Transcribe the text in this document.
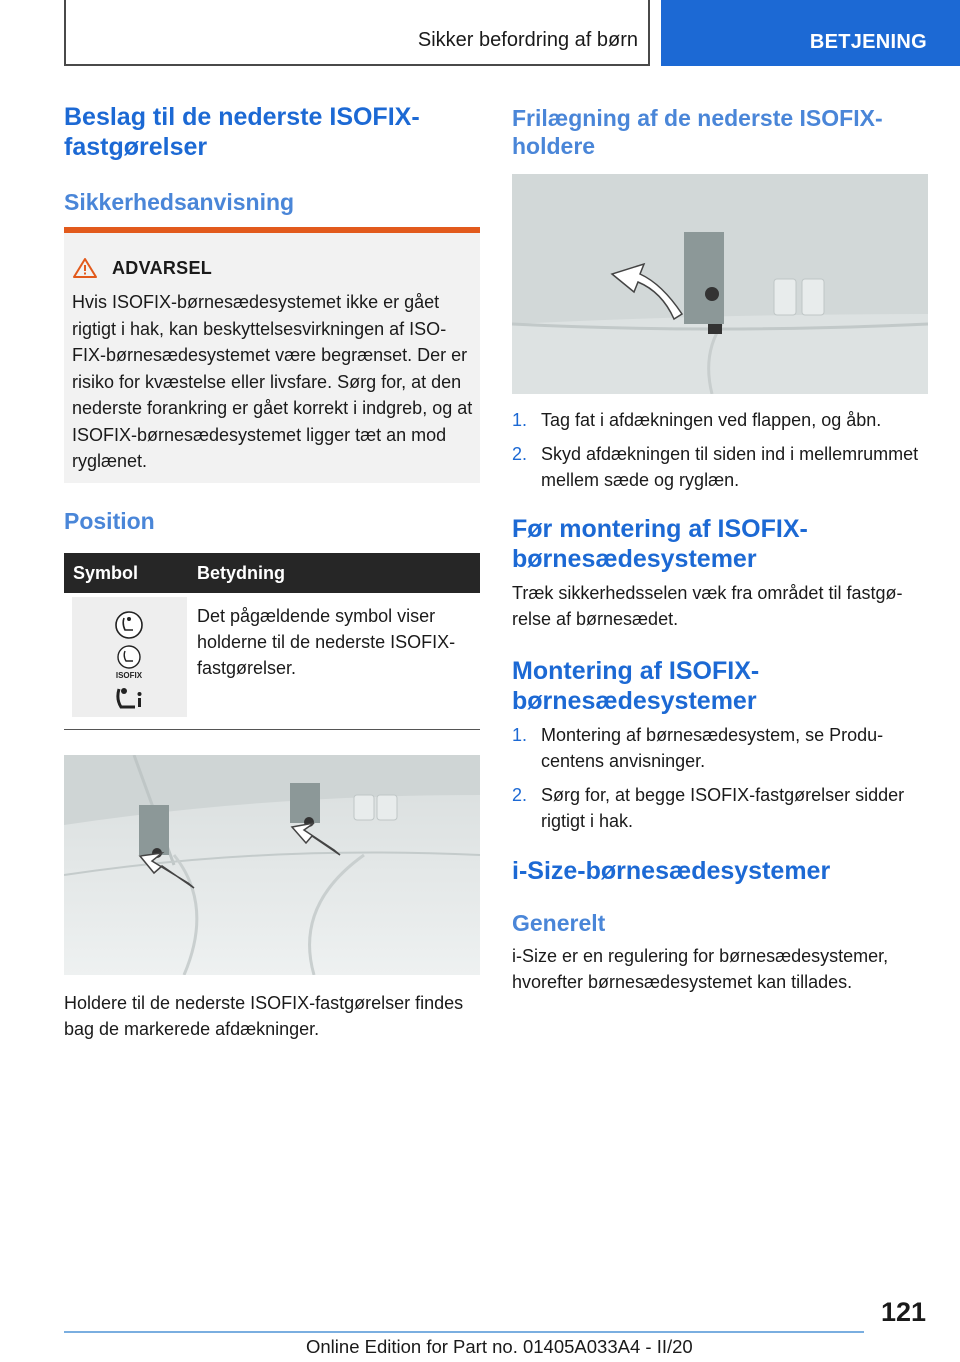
Sikker befordring af børn	BETJENING
Beslag til de nederste ISOFIX-
fastgørelser
Sikkerhedsanvisning
ADVARSEL
Hvis ISOFIX-børnesædesystemet ikke er gået rigtigt i hak, kan beskyttelsesvirkningen af ISOFIX-børnesædesystemet være begrænset. Der er risiko for kvæstelse eller livsfare. Sørg for, at den nederste forankring er gået korrekt i indgreb, og at ISOFIX-børnesædesystemet ligger tæt an mod ryglænet.
Position
Symbol	Betydning
ISOFIX

Det pågældende symbol viser holderne til de nederste ISOFIX-fastgørelser.

Holdere til de nederste ISOFIX-fastgørelser findes bag de markerede afdækninger.

Frilægning af de nederste ISOFIX-
holdere
1. Tag fat i afdækningen ved flappen, og åbn.
2. Skyd afdækningen til siden ind i mellemrummet mellem sæde og ryglæn.
Før montering af ISOFIX-
børnesædesystemer

Træk sikkerhedsselen væk fra området til fastgørelse af børnesædet.

Montering af ISOFIX-
børnesædesystemer
1. Montering af børnesædesystem, se Producentens anvisninger.
2. Sørg for, at begge ISOFIX-fastgørelser sidder rigtigt i hak.
i-Size-børnesædesystemer
Generelt

i-Size er en regulering for børnesædesystemer, hvorefter børnesædesystemet kan tillades.

121
Online Edition for Part no. 01405A033A4 - II/20
